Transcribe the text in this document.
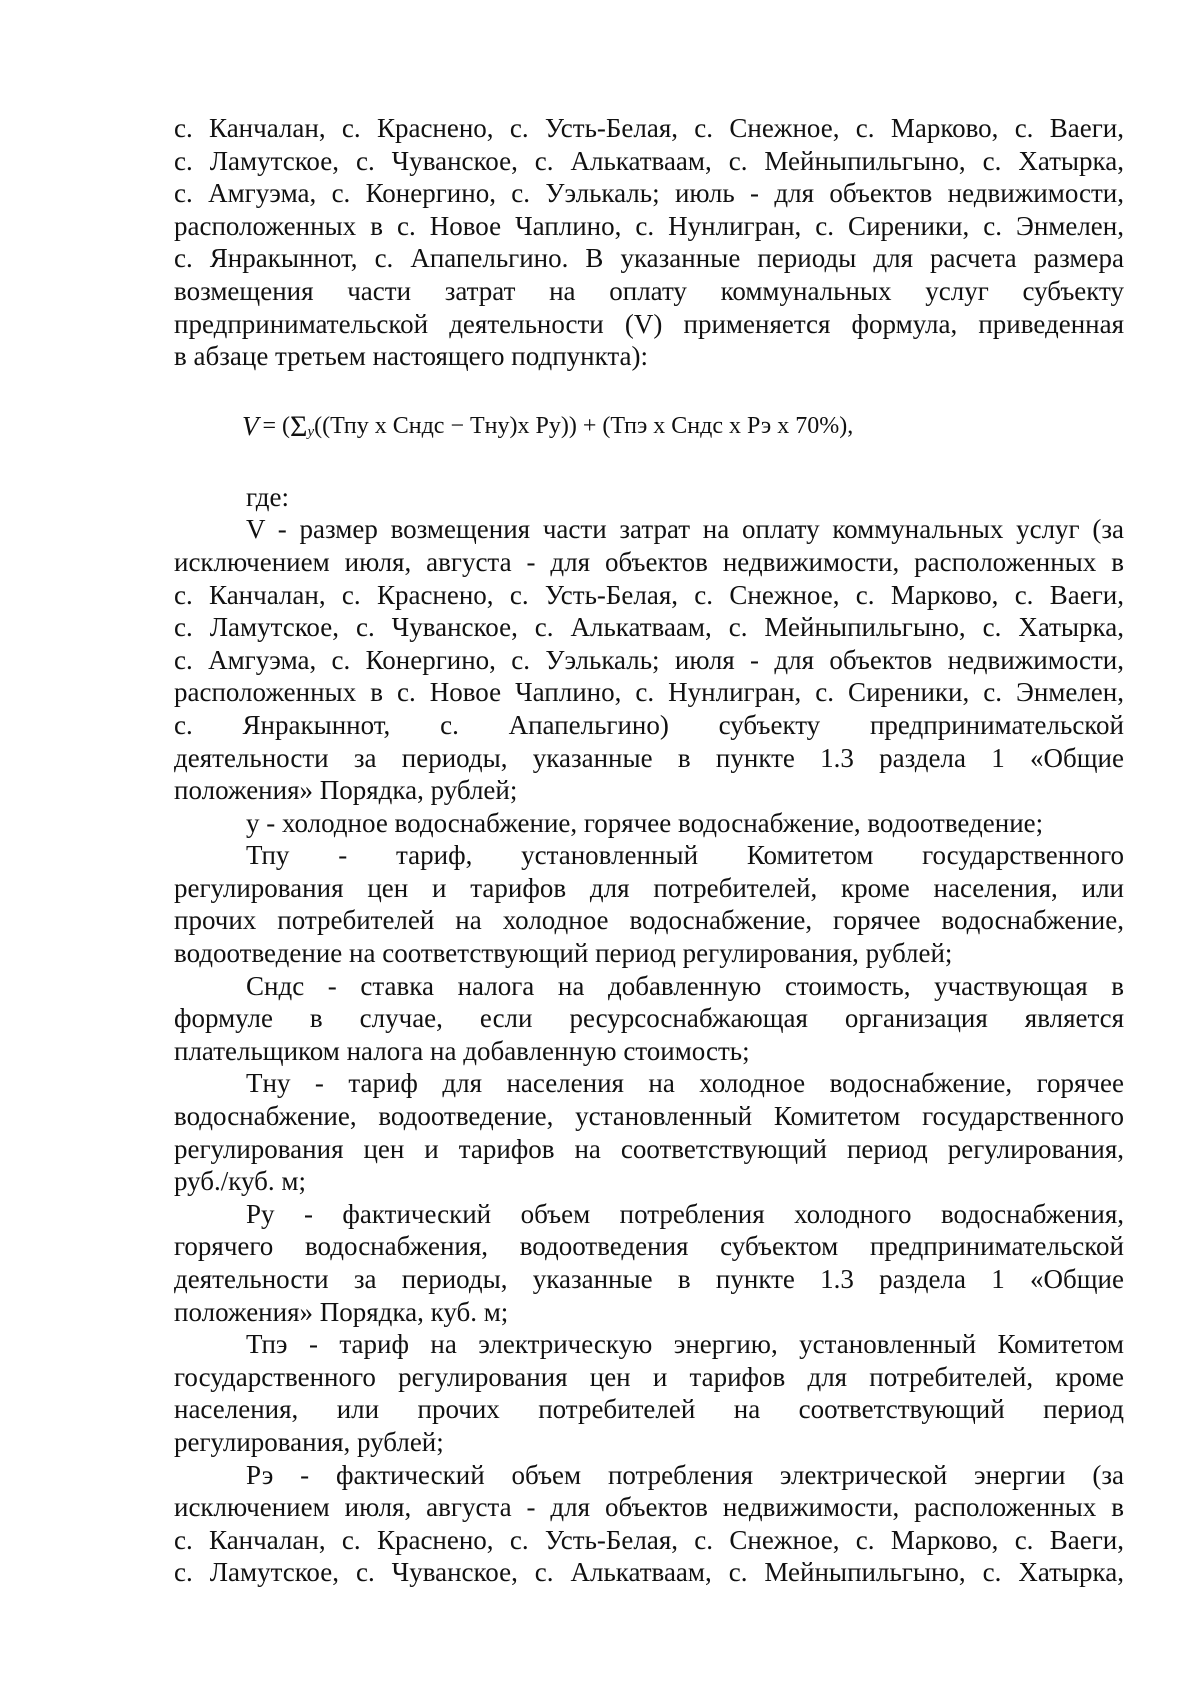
с. Канчалан, с. Краснено, с. Усть-Белая, с. Снежное, с. Марково, с. Ваеги,
с. Ламутское, с. Чуванское, с. Алькатваам, с. Мейныпильгыно, с. Хатырка,
с. Амгуэма, с. Конергино, с. Уэлькаль; июль - для объектов недвижимости,
расположенных в с. Новое Чаплино, с. Нунлигран, с. Сиреники, с. Энмелен,
с. Янракыннот, с. Апапельгино. В указанные периоды для расчета размера
возмещения части затрат на оплату коммунальных услуг субъекту
предпринимательской деятельности (V) применяется формула, приведенная
в абзаце третьем настоящего подпункта):
V = ( Σ y ((Тпу x Сндс − Тну)x Py) ) + ( Тпэ x Сндс x Рэ x 70% ),
где:
V - размер возмещения части затрат на оплату коммунальных услуг (за
исключением июля, августа - для объектов недвижимости, расположенных в
с. Канчалан, с. Краснено, с. Усть-Белая, с. Снежное, с. Марково, с. Ваеги,
с. Ламутское, с. Чуванское, с. Алькатваам, с. Мейныпильгыно, с. Хатырка,
с. Амгуэма, с. Конергино, с. Уэлькаль; июля - для объектов недвижимости,
расположенных в с. Новое Чаплино, с. Нунлигран, с. Сиреники, с. Энмелен,
с. Янракыннот, с. Апапельгино) субъекту предпринимательской
деятельности за периоды, указанные в пункте 1.3 раздела 1 «Общие
положения» Порядка, рублей;
y - холодное водоснабжение, горячее водоснабжение, водоотведение;
Тпу - тариф, установленный Комитетом государственного
регулирования цен и тарифов для потребителей, кроме населения, или
прочих потребителей на холодное водоснабжение, горячее водоснабжение,
водоотведение на соответствующий период регулирования, рублей;
Сндс - ставка налога на добавленную стоимость, участвующая в
формуле в случае, если ресурсоснабжающая организация является
плательщиком налога на добавленную стоимость;
Тну - тариф для населения на холодное водоснабжение, горячее
водоснабжение, водоотведение, установленный Комитетом государственного
регулирования цен и тарифов на соответствующий период регулирования,
руб./куб. м;
Py - фактический объем потребления холодного водоснабжения,
горячего водоснабжения, водоотведения субъектом предпринимательской
деятельности за периоды, указанные в пункте 1.3 раздела 1 «Общие
положения» Порядка, куб. м;
Тпэ - тариф на электрическую энергию, установленный Комитетом
государственного регулирования цен и тарифов для потребителей, кроме
населения, или прочих потребителей на соответствующий период
регулирования, рублей;
Рэ - фактический объем потребления электрической энергии (за
исключением июля, августа - для объектов недвижимости, расположенных в
с. Канчалан, с. Краснено, с. Усть-Белая, с. Снежное, с. Марково, с. Ваеги,
с. Ламутское, с. Чуванское, с. Алькатваам, с. Мейныпильгыно, с. Хатырка,
